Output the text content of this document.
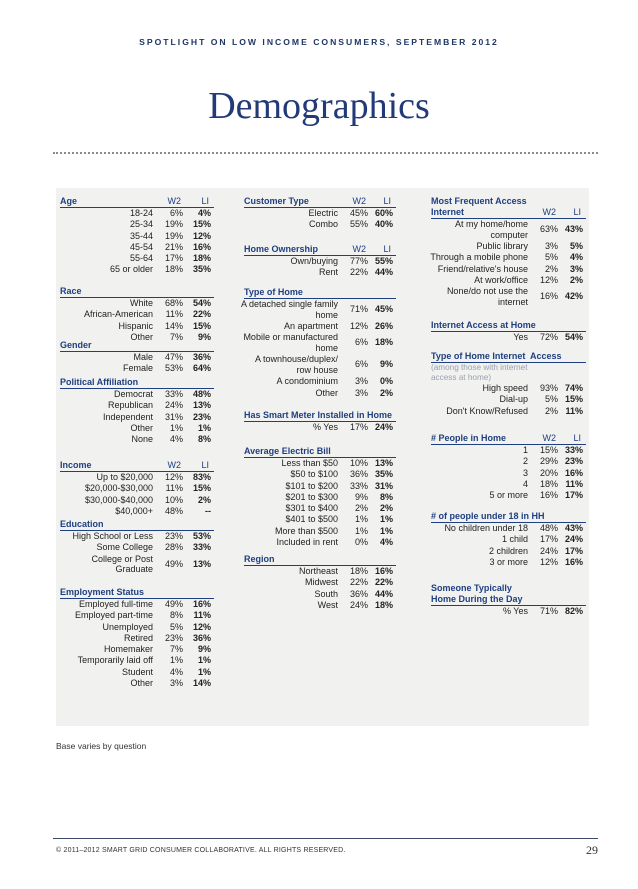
SPOTLIGHT ON LOW INCOME CONSUMERS, SEPTEMBER 2012
Demographics
Age	W2 LI
18-24 6% 4%
25-34 19% 15%
35-44 19% 12%
45-54 21% 16%
55-64 17% 18%
65 or older 18% 35%
Race
White 68% 54%
African-American 11% 22%
Hispanic 14% 15%
Other 7% 9%
Gender
Male 47% 36%
Female 53% 64%
Political Affiliation
Democrat 33% 48%
Republican 24% 13%
Independent 31% 23%
Other 1% 1%
None 4% 8%
Income	W2 LI
Up to $20,000 12% 83%
$20,000-$30,000 11% 15%
$30,000-$40,000 10% 2%
$40,000+ 48% --
Education
High School or Less 23% 53%
Some College 28% 33%
College or Post
Graduate
49% 13%
Employment Status
Employed full-time 49% 16%
Employed part-time 8% 11%
Unemployed 5% 12%
Retired 23% 36%
Homemaker 7% 9%
Temporarily laid off 1% 1%
Student 4% 1%
Other 3% 14%
Customer Type	W2 LI
Electric 45% 60%
Combo 55% 40%
Home Ownership	W2 LI
Own/buying 77% 55%
Rent 22% 44%
Type of Home
A detached single family
home
71% 45%
An apartment 12% 26%
Mobile or manufactured
home
6% 18%
A townhouse/duplex/
row house
6% 9%
A condominium 3% 0%
Other 3% 2%
Has Smart Meter Installed in Home
% Yes 17% 24%
Average Electric Bill
Less than $50 10% 13%
$50 to $100 36% 35%
$101 to $200 33% 31%
$201 to $300 9% 8%
$301 to $400 2% 2%
$401 to $500 1% 1%
More than $500 1% 1%
Included in rent 0% 4%
Region
Northeast 18% 16%
Midwest 22% 22%
South 36% 44%
West 24% 18%
Most Frequent Access
Internet	W2 LI
At my home/home
computer
63% 43%
Public library 3% 5%
Through a mobile phone 5% 4%
Friend/relative's house 2% 3%
At work/office 12% 2%
None/do not use the
internet
16% 42%
Internet Access at Home
Yes 72% 54%
Type of Home Internet  Access
(among those with internet
access at home)
High speed 93% 74%
Dial-up 5% 15%
Don't Know/Refused 2% 11%
# People in Home	W2 LI
1 15% 33%
2 29% 23%
3 20% 16%
4 18% 11%
5 or more 16% 17%
# of people under 18 in HH
No children under 18 48% 43%
1 child 17% 24%
2 children 24% 17%
3 or more 12% 16%
Someone Typically
Home During the Day
% Yes 71% 82%
Base varies by question
© 2011–2012 SMART GRID CONSUMER COLLABORATIVE. ALL RIGHTS RESERVED.	29
